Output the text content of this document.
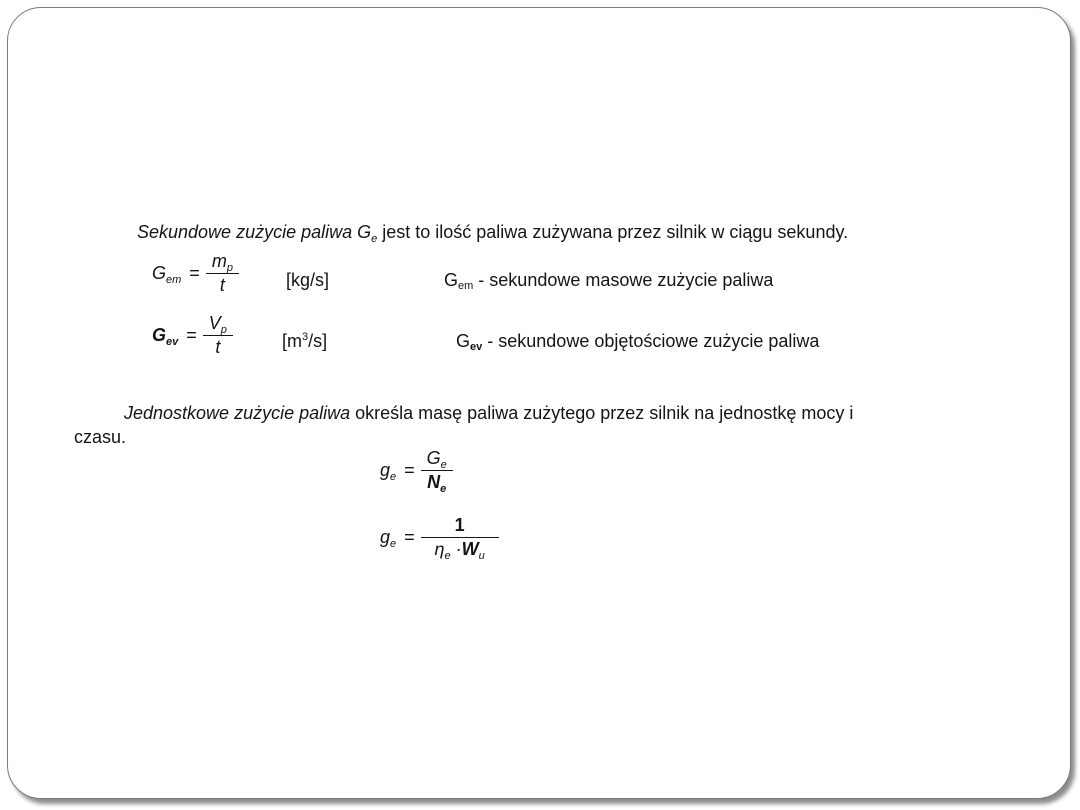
Sekundowe zużycie paliwa $G_e$ jest to ilość paliwa zużywana przez silnik w ciągu sekundy.
$G_{em} = \frac{m_p}{t}$	[kg/s]	Gem - sekundowe masowe zużycie paliwa
$G_{ev} = \frac{V_p}{t}$	$[m^3/s]$	Gev - sekundowe objętościowe zużycie paliwa
Jednostkowe zużycie paliwa określa masę paliwa zużytego przez silnik na jednostkę mocy i
czasu.
$g_e = \frac{G_e}{N_e}$
$g_e = \frac{1}{\eta_e \cdot W_u}$
